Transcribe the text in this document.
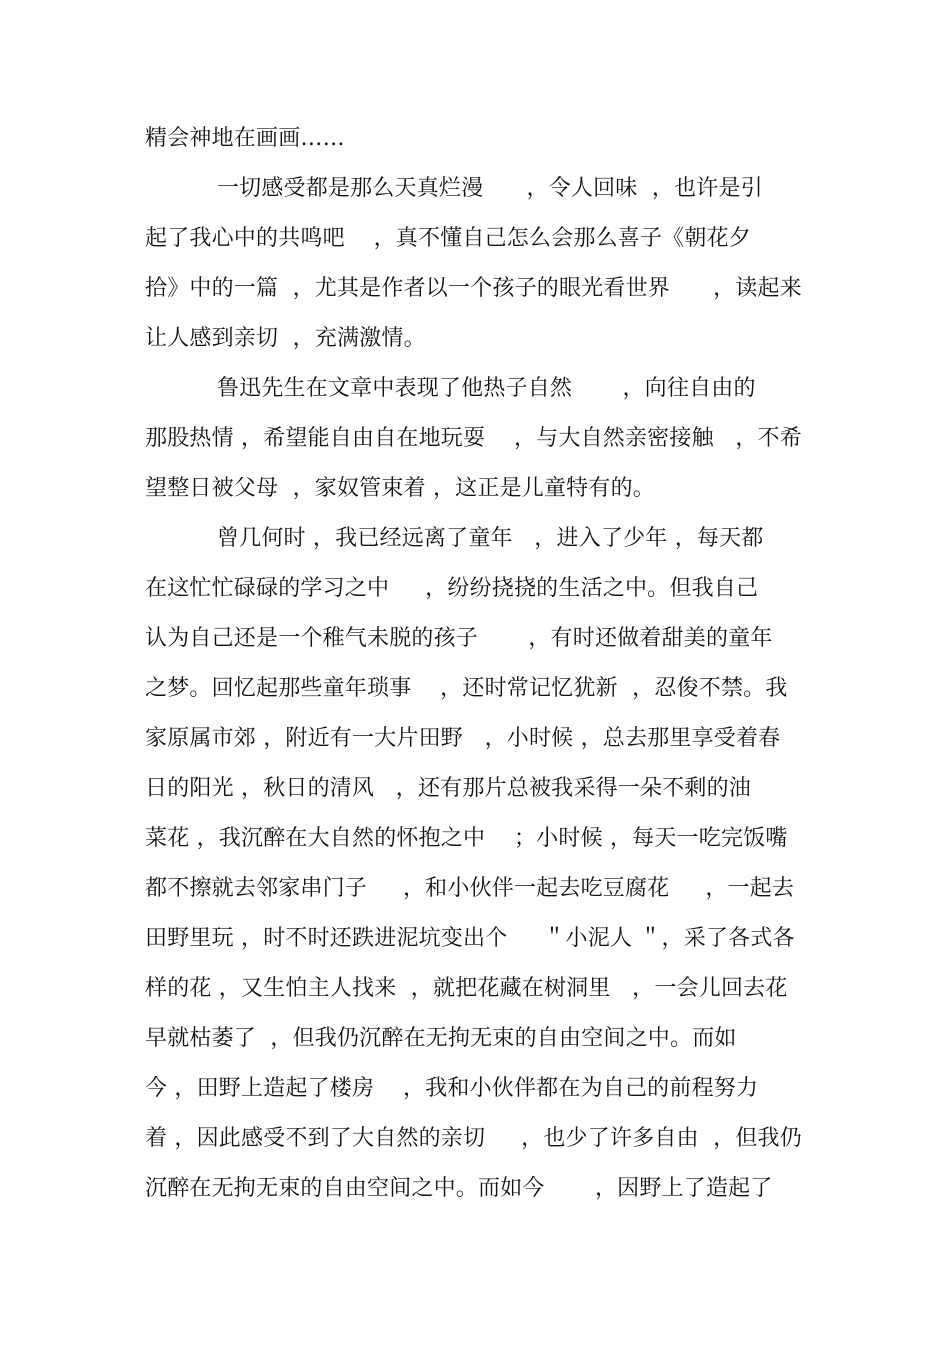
精会神地在画画……
一切感受都是那么天真烂漫      ，令人回味  ，也许是引
起了我心中的共鸣吧    ，真不懂自己怎么会那么喜子《朝花夕
拾》中的一篇  ，尤其是作者以一个孩子的眼光看世界      ，读起来
让人感到亲切  ，充满激情。
鲁迅先生在文章中表现了他热子自然       ，向往自由的
那股热情 ，希望能自由自在地玩耍    ，与大自然亲密接触   ，不希
望整日被父母  ，家奴管束着 ，这正是儿童特有的。
曾几何时 ，我已经远离了童年   ，进入了少年 ，每天都
在这忙忙碌碌的学习之中     ，纷纷挠挠的生活之中。但我自己
认为自己还是一个稚气未脱的孩子       ，有时还做着甜美的童年
之梦。回忆起那些童年琐事    ，还时常记忆犹新  ，忍俊不禁。我
家原属市郊 ，附近有一大片田野   ，小时候 ，总去那里享受着春
日的阳光 ，秋日的清风   ，还有那片总被我采得一朵不剩的油
菜花 ，我沉醉在大自然的怀抱之中    ；小时候 ，每天一吃完饭嘴
都不擦就去邻家串门子     ，和小伙伴一起去吃豆腐花     ，一起去
田野里玩 ，时不时还跌进泥坑变出个     ＂小泥人 ＂，采了各式各
样的花 ，又生怕主人找来  ，就把花藏在树洞里   ，一会儿回去花
早就枯萎了  ，但我仍沉醉在无拘无束的自由空间之中。而如
今 ，田野上造起了楼房    ，我和小伙伴都在为自己的前程努力
着 ，因此感受不到了大自然的亲切     ，也少了许多自由  ，但我仍
沉醉在无拘无束的自由空间之中。而如今       ，因野上了造起了
